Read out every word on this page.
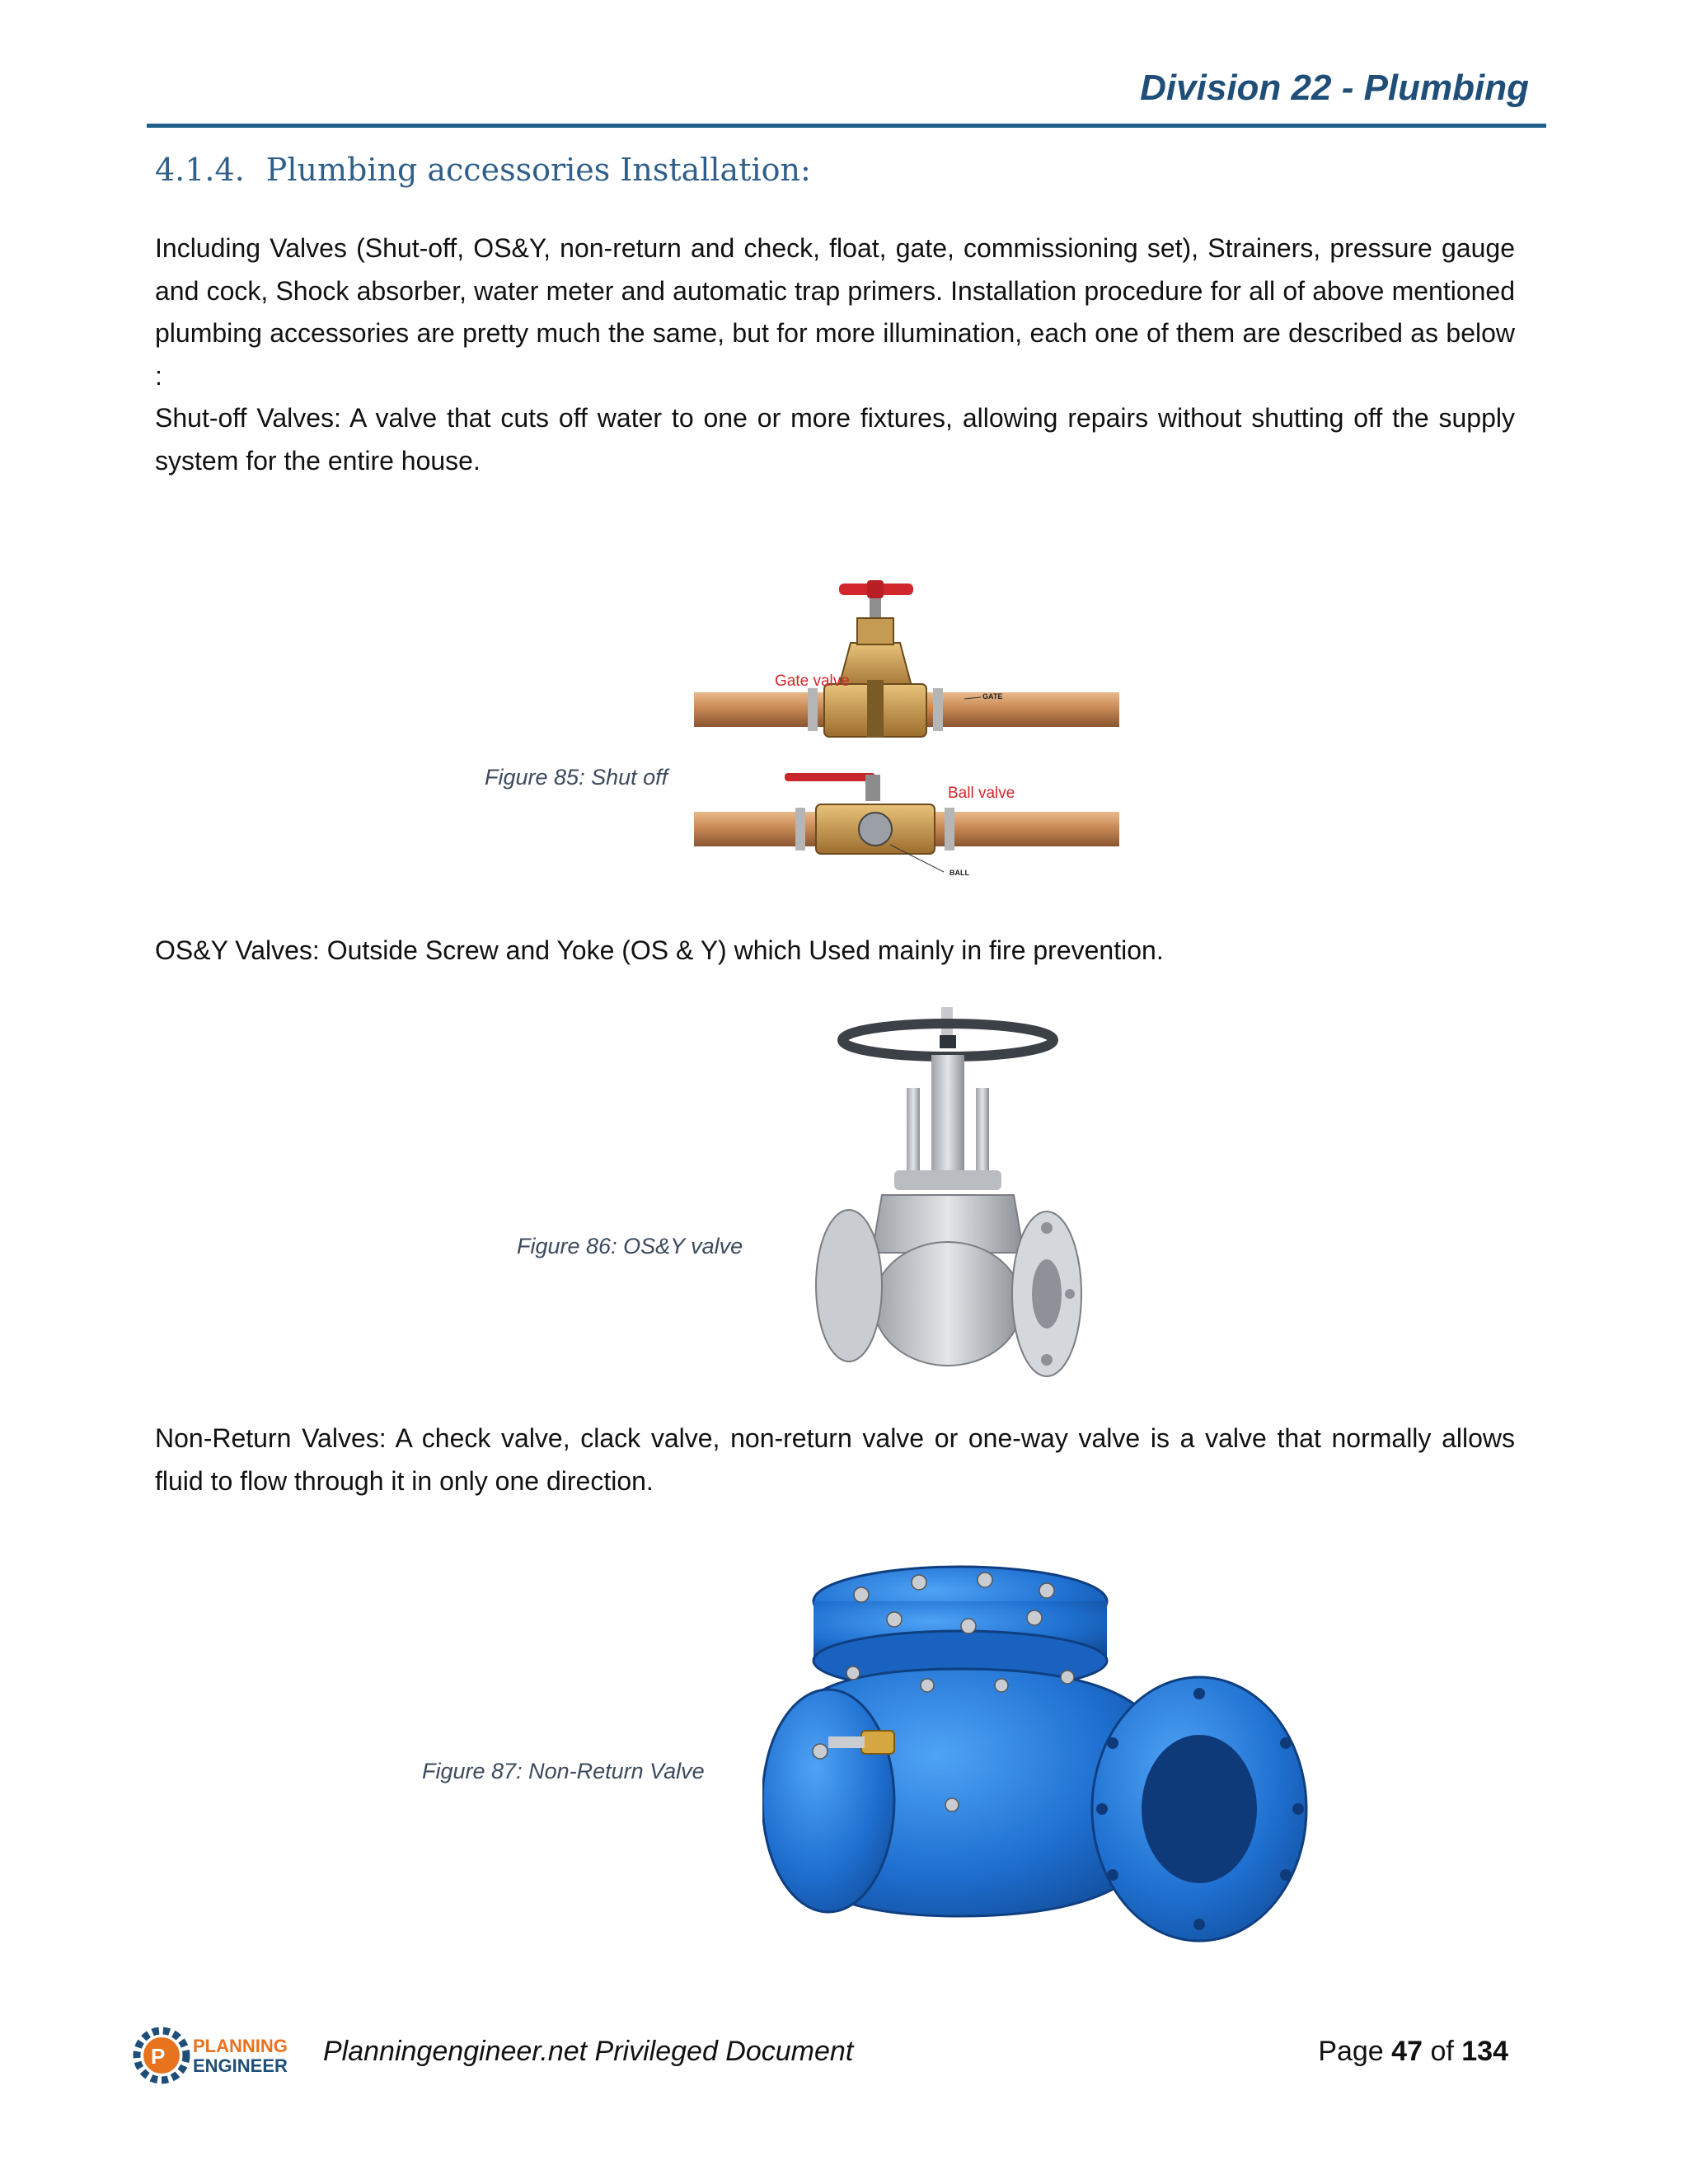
Division 22 - Plumbing
4.1.4. Plumbing accessories Installation:
Including Valves (Shut-off, OS&Y, non-return and check, float, gate, commissioning set), Strainers, pressure gauge and cock, Shock absorber, water meter and automatic trap primers. Installation procedure for all of above mentioned plumbing accessories are pretty much the same, but for more illumination, each one of them are described as below :
Shut-off Valves: A valve that cuts off water to one or more fixtures, allowing repairs without shutting off the supply system for the entire house.
Figure 85: Shut off
Gate valve
GATE
Ball valve
BALL
OS&Y Valves: Outside Screw and Yoke (OS & Y) which Used mainly in fire prevention.
Figure 86: OS&Y valve
Non-Return Valves: A check valve, clack valve, non-return valve or one-way valve is a valve that normally allows fluid to flow through it in only one direction.
Figure 87: Non-Return Valve
P PLANNING
ENGINEER Planningengineer.net Privileged Document	Page 47 of 134
